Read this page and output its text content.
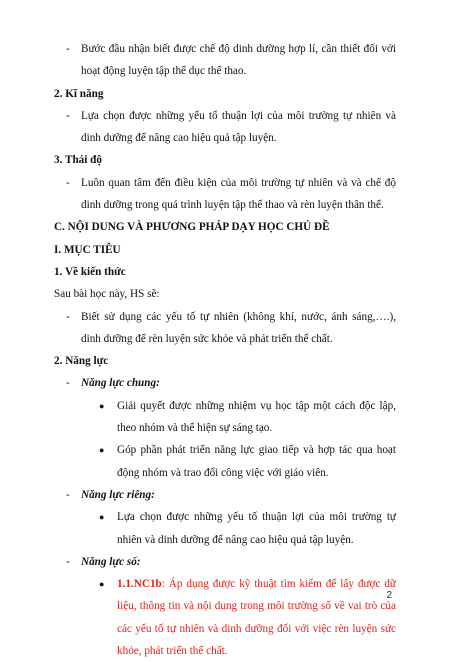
- Bước đầu nhận biết được chế độ dinh dưỡng hợp lí, cần thiết đối với hoạt động luyện tập thể dục thể thao.
2. Kĩ năng
- Lựa chọn được những yếu tố thuận lợi của môi trường tự nhiên và dinh dưỡng để nâng cao hiệu quả tập luyện.
3. Thái độ
- Luôn quan tâm đến điều kiện của môi trường tự nhiên và và chế độ dinh dưỡng trong quá trình luyện tập thể thao và rèn luyện thân thể.
C. NỘI DUNG VÀ PHƯƠNG PHÁP DẠY HỌC CHỦ ĐỀ
I. MỤC TIÊU
1. Về kiến thức
Sau bài học này, HS sẽ:
- Biết sử dụng các yếu tố tự nhiên (không khí, nước, ánh sáng,….), dinh dưỡng để rèn luyện sức khỏe và phát triển thể chất.
2. Năng lực
- Năng lực chung:
● Giải quyết được những nhiệm vụ học tập một cách độc lập, theo nhóm và thể hiện sự sáng tạo.
● Góp phần phát triển năng lực giao tiếp và hợp tác qua hoạt động nhóm và trao đổi công việc với giáo viên.
- Năng lực riêng:
● Lựa chọn được những yếu tố thuận lợi của môi trường tự nhiên và dinh dưỡng để nâng cao hiệu quả tập luyện.
- Năng lực số:
● 1.1.NC1b: Áp dụng được kỹ thuật tìm kiếm để lấy được dữ liệu, thông tin và nội dung trong môi trường số về vai trò của các yếu tố tự nhiên và dinh dưỡng đối với việc rèn luyện sức khỏe, phát triển thể chất.
2
